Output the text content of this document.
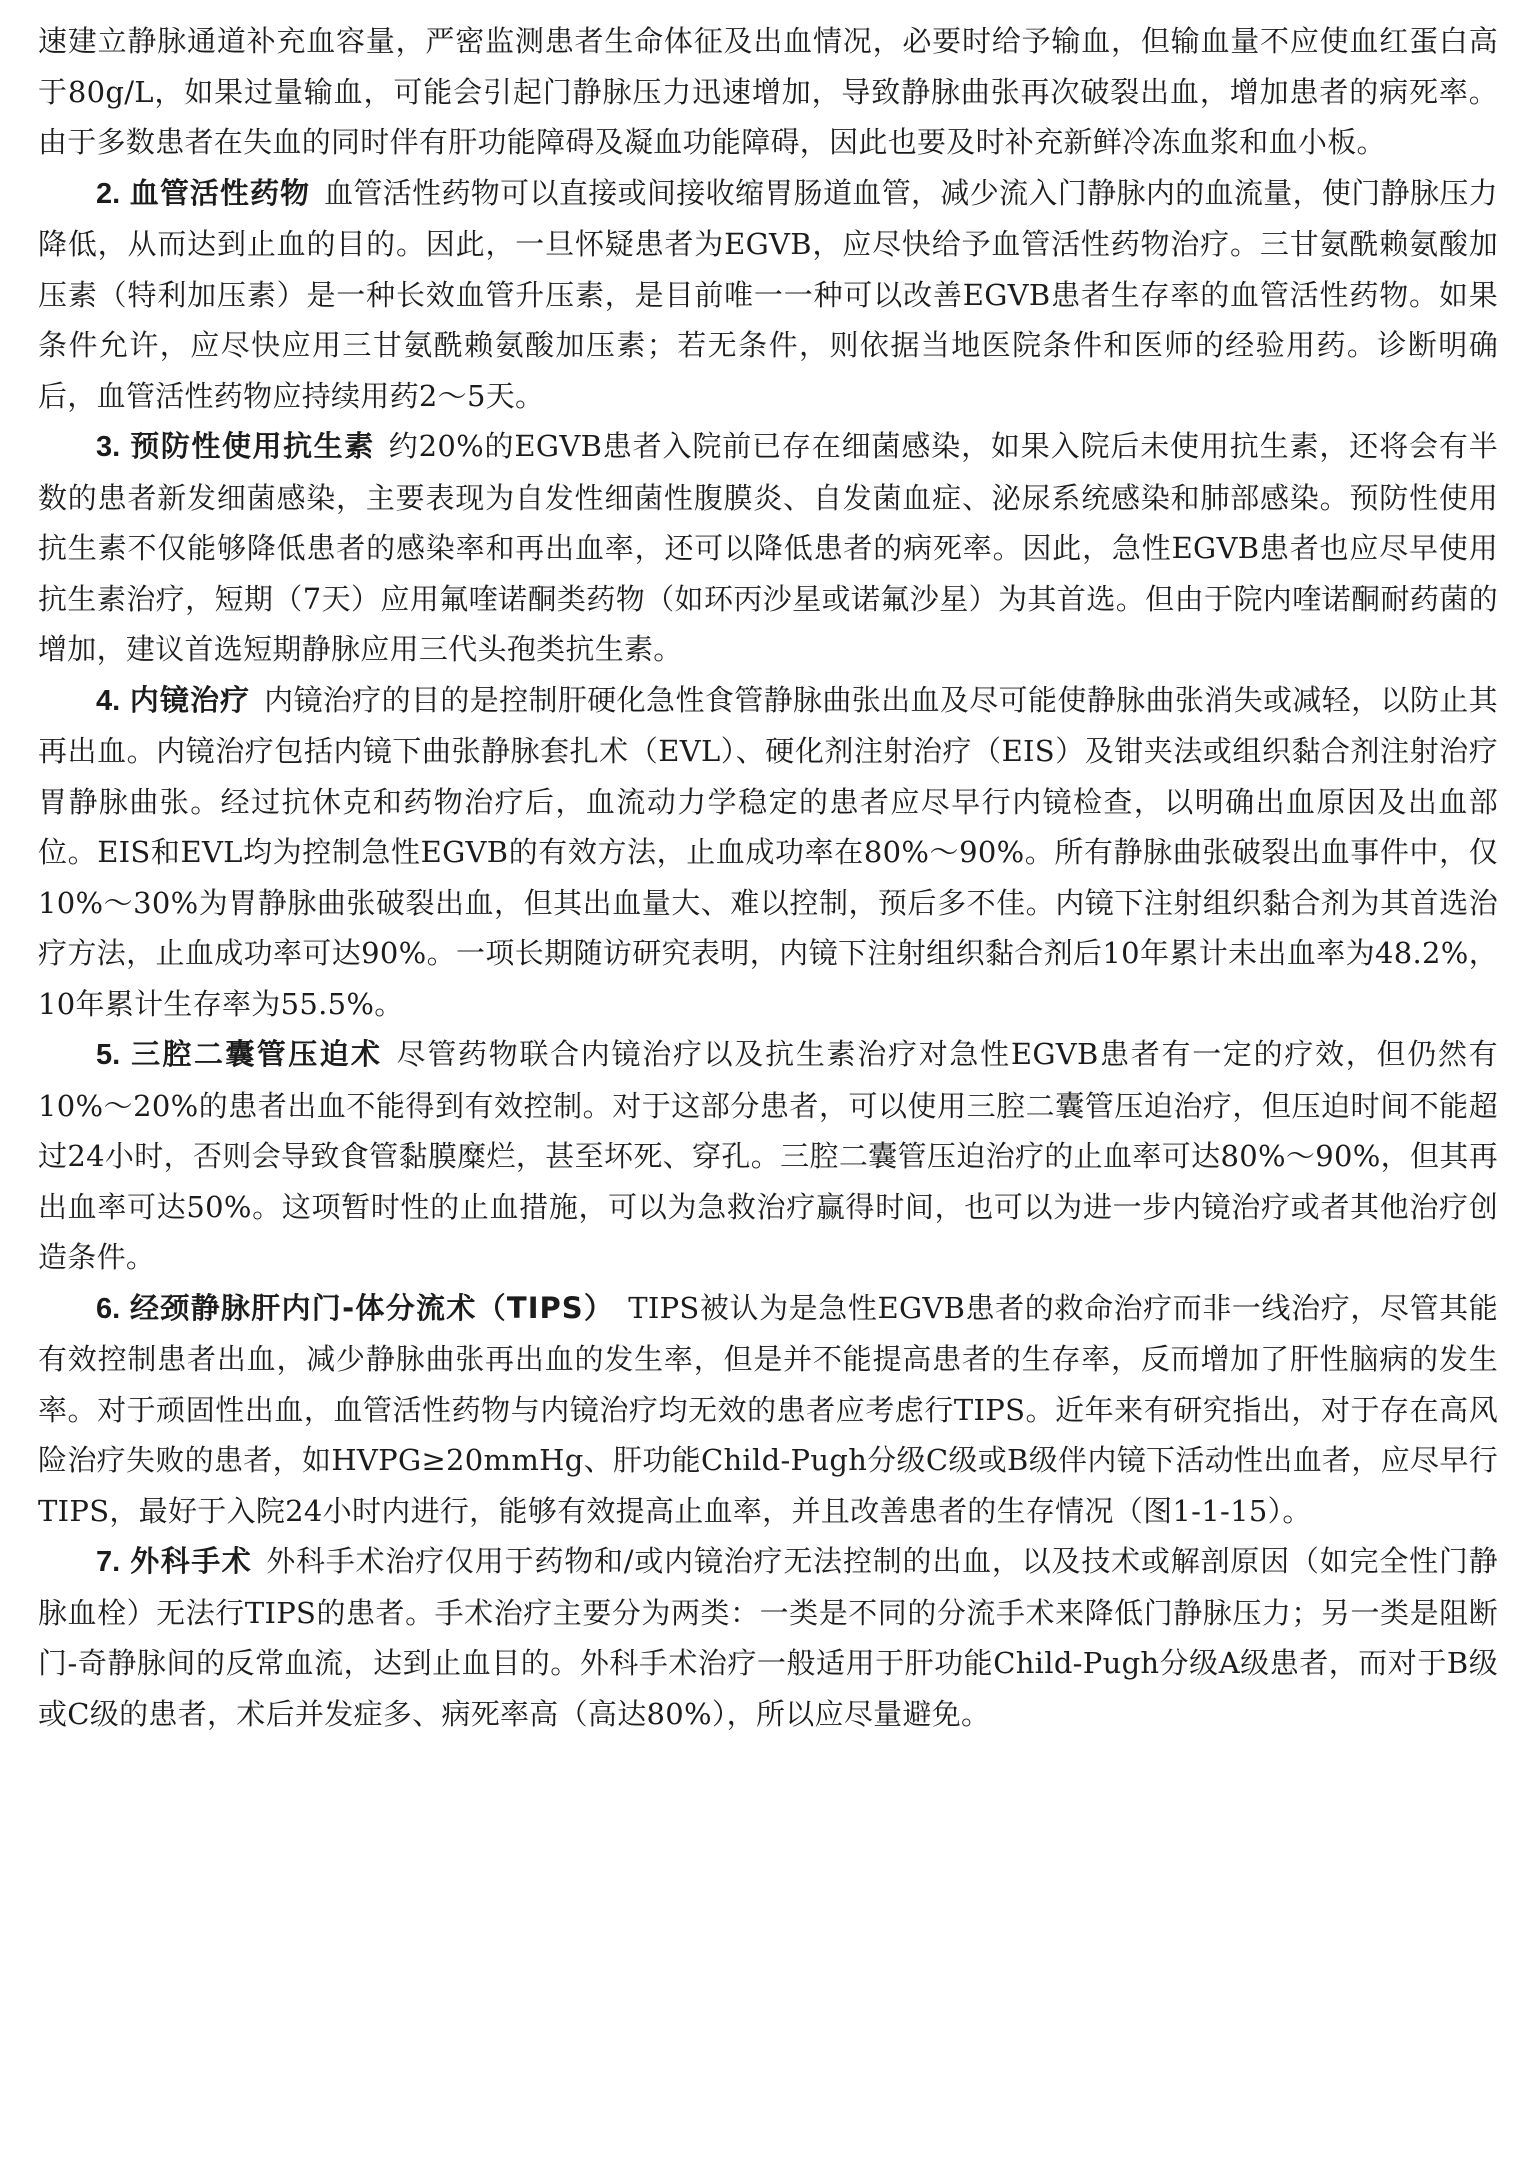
速建立静脉通道补充血容量，严密监测患者生命体征及出血情况，必要时给予输血，但输血量不应使血红蛋白高于80g/L，如果过量输血，可能会引起门静脉压力迅速增加，导致静脉曲张再次破裂出血，增加患者的病死率。由于多数患者在失血的同时伴有肝功能障碍及凝血功能障碍，因此也要及时补充新鲜冷冻血浆和血小板。

2. 血管活性药物 血管活性药物可以直接或间接收缩胃肠道血管，减少流入门静脉内的血流量，使门静脉压力降低，从而达到止血的目的。因此，一旦怀疑患者为EGVB，应尽快给予血管活性药物治疗。三甘氨酰赖氨酸加压素（特利加压素）是一种长效血管升压素，是目前唯一一种可以改善EGVB患者生存率的血管活性药物。如果条件允许，应尽快应用三甘氨酰赖氨酸加压素；若无条件，则依据当地医院条件和医师的经验用药。诊断明确后，血管活性药物应持续用药2～5天。

3. 预防性使用抗生素 约20%的EGVB患者入院前已存在细菌感染，如果入院后未使用抗生素，还将会有半数的患者新发细菌感染，主要表现为自发性细菌性腹膜炎、自发菌血症、泌尿系统感染和肺部感染。预防性使用抗生素不仅能够降低患者的感染率和再出血率，还可以降低患者的病死率。因此，急性EGVB患者也应尽早使用抗生素治疗，短期（7天）应用氟喹诺酮类药物（如环丙沙星或诺氟沙星）为其首选。但由于院内喹诺酮耐药菌的增加，建议首选短期静脉应用三代头孢类抗生素。

4. 内镜治疗 内镜治疗的目的是控制肝硬化急性食管静脉曲张出血及尽可能使静脉曲张消失或减轻，以防止其再出血。内镜治疗包括内镜下曲张静脉套扎术（EVL）、硬化剂注射治疗（EIS）及钳夹法或组织黏合剂注射治疗胃静脉曲张。经过抗休克和药物治疗后，血流动力学稳定的患者应尽早行内镜检查，以明确出血原因及出血部位。EIS和EVL均为控制急性EGVB的有效方法，止血成功率在80%～90%。所有静脉曲张破裂出血事件中，仅10%～30%为胃静脉曲张破裂出血，但其出血量大、难以控制，预后多不佳。内镜下注射组织黏合剂为其首选治疗方法，止血成功率可达90%。一项长期随访研究表明，内镜下注射组织黏合剂后10年累计未出血率为48.2%，10年累计生存率为55.5%。

5. 三腔二囊管压迫术 尽管药物联合内镜治疗以及抗生素治疗对急性EGVB患者有一定的疗效，但仍然有10%～20%的患者出血不能得到有效控制。对于这部分患者，可以使用三腔二囊管压迫治疗，但压迫时间不能超过24小时，否则会导致食管黏膜糜烂，甚至坏死、穿孔。三腔二囊管压迫治疗的止血率可达80%～90%，但其再出血率可达50%。这项暂时性的止血措施，可以为急救治疗赢得时间，也可以为进一步内镜治疗或者其他治疗创造条件。

6. 经颈静脉肝内门-体分流术（TIPS） TIPS被认为是急性EGVB患者的救命治疗而非一线治疗，尽管其能有效控制患者出血，减少静脉曲张再出血的发生率，但是并不能提高患者的生存率，反而增加了肝性脑病的发生率。对于顽固性出血，血管活性药物与内镜治疗均无效的患者应考虑行TIPS。近年来有研究指出，对于存在高风险治疗失败的患者，如HVPG≥20mmHg、肝功能Child-Pugh分级C级或B级伴内镜下活动性出血者，应尽早行TIPS，最好于入院24小时内进行，能够有效提高止血率，并且改善患者的生存情况（图1-1-15）。

7. 外科手术 外科手术治疗仅用于药物和/或内镜治疗无法控制的出血，以及技术或解剖原因（如完全性门静脉血栓）无法行TIPS的患者。手术治疗主要分为两类：一类是不同的分流手术来降低门静脉压力；另一类是阻断门-奇静脉间的反常血流，达到止血目的。外科手术治疗一般适用于肝功能Child-Pugh分级A级患者，而对于B级或C级的患者，术后并发症多、病死率高（高达80%），所以应尽量避免。
